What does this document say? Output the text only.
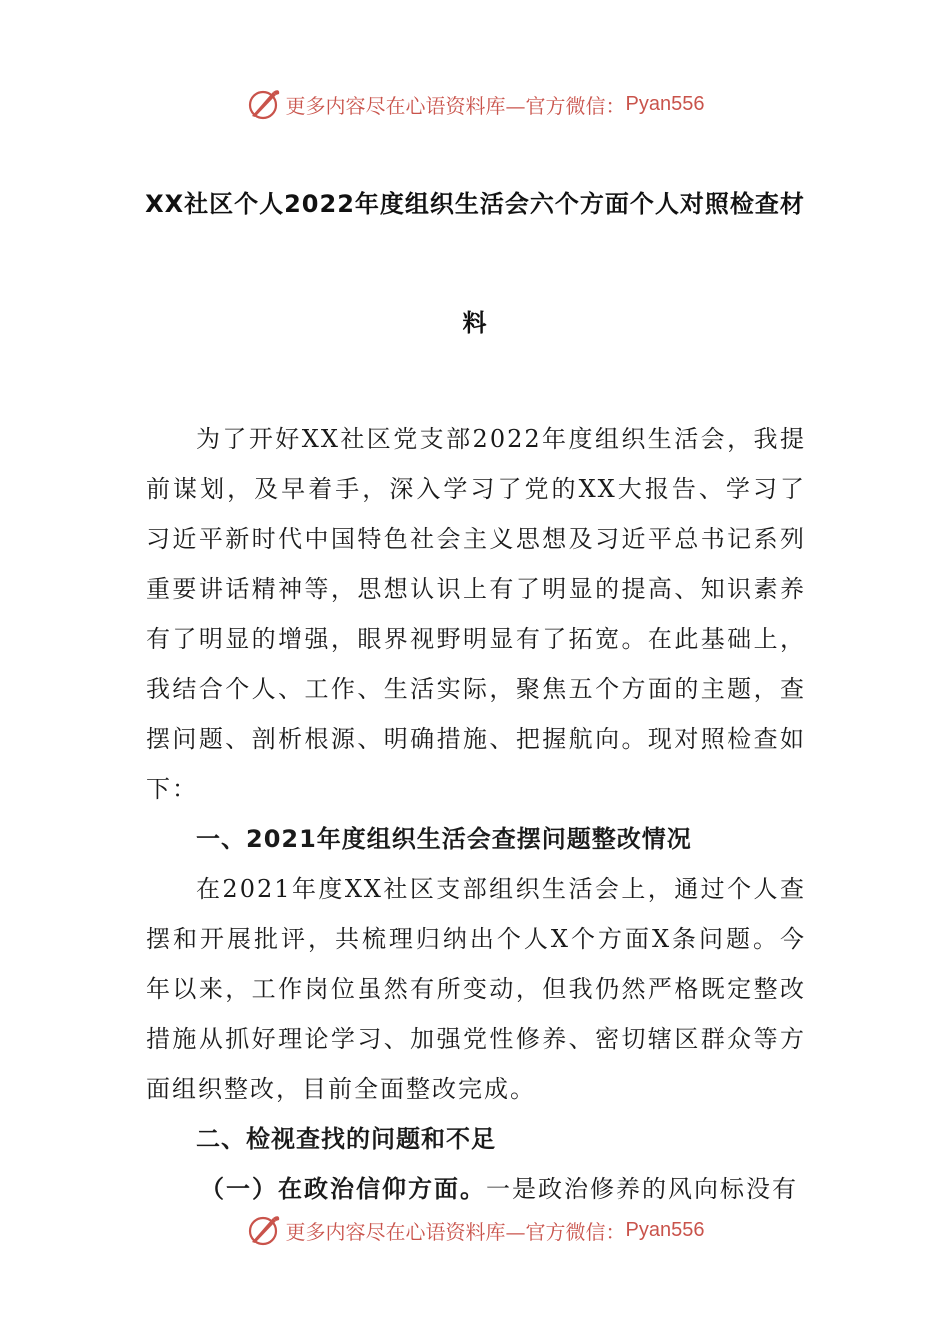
更多内容尽在心语资料库—官方微信： Pyan556
XX社区个人2022年度组织生活会六个方面个人对照检查材
料

为了开好XX社区党支部2022年度组织生活会，我提前谋划，及早着手，深入学习了党的XX大报告、学习了习近平新时代中国特色社会主义思想及习近平总书记系列重要讲话精神等，思想认识上有了明显的提高、知识素养有了明显的增强，眼界视野明显有了拓宽。在此基础上，我结合个人、工作、生活实际，聚焦五个方面的主题，查摆问题、剖析根源、明确措施、把握航向。现对照检查如下：

一、2021年度组织生活会查摆问题整改情况

在2021年度XX社区支部组织生活会上，通过个人查摆和开展批评，共梳理归纳出个人X个方面X条问题。今年以来，工作岗位虽然有所变动，但我仍然严格既定整改措施从抓好理论学习、加强党性修养、密切辖区群众等方面组织整改，目前全面整改完成。

二、检视查找的问题和不足

（一）在政治信仰方面。一是政治修养的风向标没有

更多内容尽在心语资料库—官方微信： Pyan556
